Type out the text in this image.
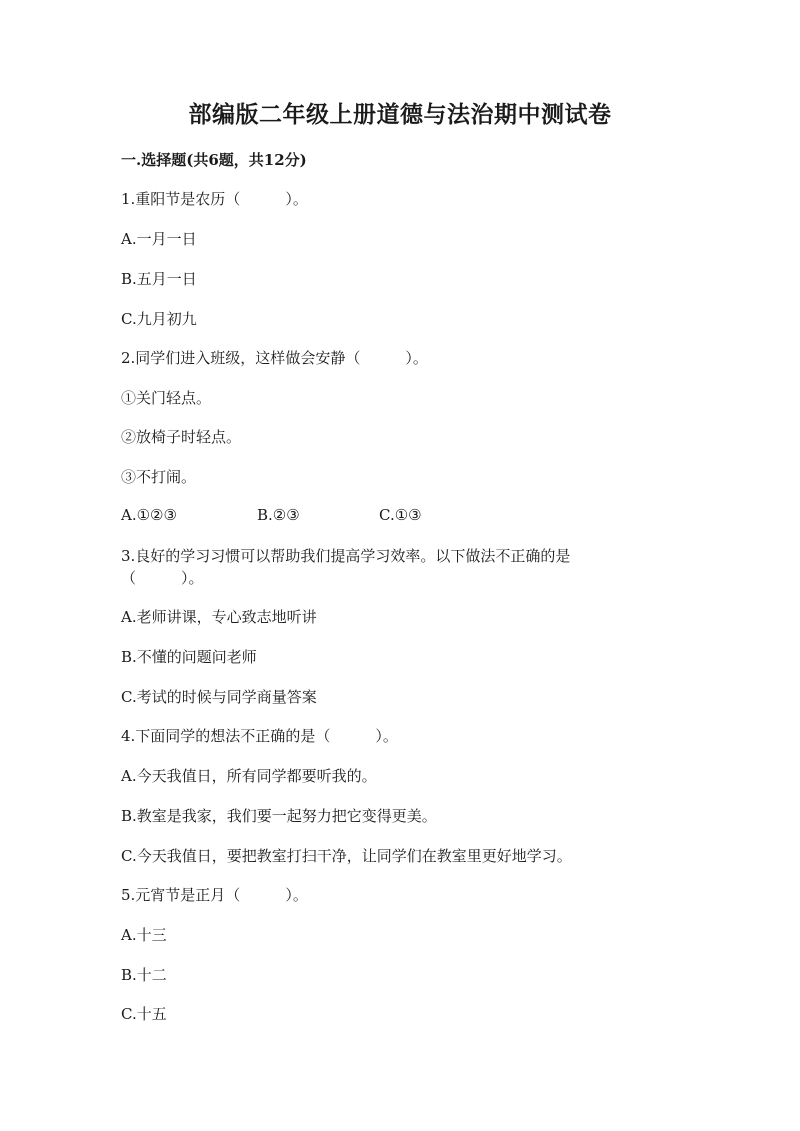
部编版二年级上册道德与法治期中测试卷
一.选择题(共6题，共12分)
1.重阳节是农历（　　　）。
A.一月一日
B.五月一日
C.九月初九
2.同学们进入班级，这样做会安静（　　　）。
①关门轻点。
②放椅子时轻点。
③不打闹。
A.①②③	B.②③	C.①③
3.良好的学习习惯可以帮助我们提高学习效率。以下做法不正确的是
（　　　）。
A.老师讲课，专心致志地听讲
B.不懂的问题问老师
C.考试的时候与同学商量答案
4.下面同学的想法不正确的是（　　　）。
A.今天我值日，所有同学都要听我的。
B.教室是我家，我们要一起努力把它变得更美。
C.今天我值日，要把教室打扫干净，让同学们在教室里更好地学习。
5.元宵节是正月（　　　）。
A.十三
B.十二
C.十五
